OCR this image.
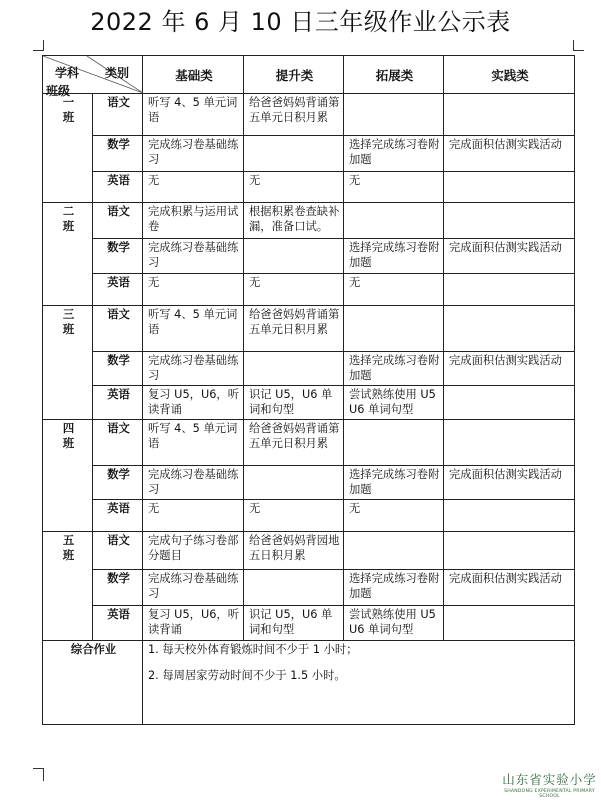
2022 年 6 月 10 日三年级作业公示表
学科 类别
班级		基础类	提升类	拓展类	实践类

一
班	语文	听写 4、5 单元词语	给爸爸妈妈背诵第五单元日积月累		
	数学	完成练习卷基础练习		选择完成练习卷附加题	完成面积估测实践活动
	英语	无	无	无	

二
班	语文	完成积累与运用试卷	根据积累卷查缺补漏，准备口试。		
	数学	完成练习卷基础练习		选择完成练习卷附加题	完成面积估测实践活动
	英语	无	无	无	

三
班	语文	听写 4、5 单元词语	给爸爸妈妈背诵第五单元日积月累		
	数学	完成练习卷基础练习		选择完成练习卷附加题	完成面积估测实践活动
	英语	复习 U5，U6，听读背诵	识记 U5，U6 单词和句型	尝试熟练使用 U5U6 单词句型	

四
班	语文	听写 4、5 单元词语	给爸爸妈妈背诵第五单元日积月累		
	数学	完成练习卷基础练习		选择完成练习卷附加题	完成面积估测实践活动
	英语	无	无	无	

五
班	语文	完成句子练习卷部分题目	给爸爸妈妈背园地五日积月累		
	数学	完成练习卷基础练习		选择完成练习卷附加题	完成面积估测实践活动
	英语	复习 U5，U6，听读背诵	识记 U5，U6 单词和句型	尝试熟练使用 U5U6 单词句型	
综合作业		1. 每天校外体育锻炼时间不少于 1 小时；
2. 每周居家劳动时间不少于 1.5 小时。			
山东省实验小学
SHANDONG EXPERIMENTAL PRIMARY SCHOOL
